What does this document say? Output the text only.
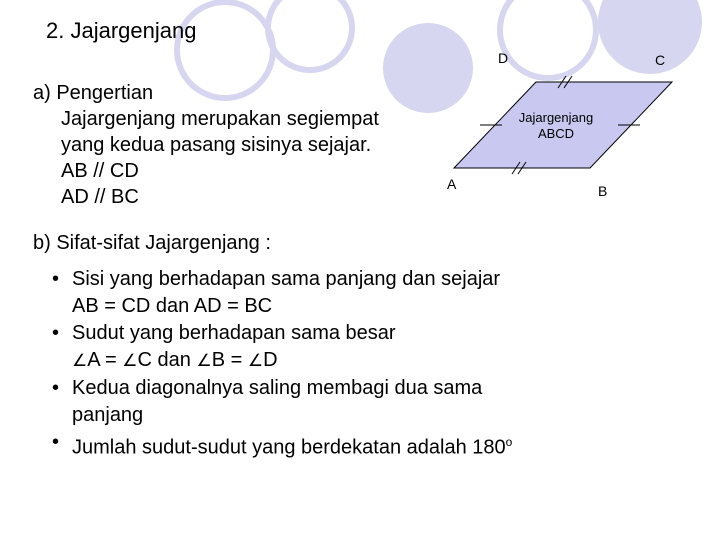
2. Jajargenjang
a) Pengertian
Jajargenjang merupakan segiempat
yang kedua pasang sisinya sejajar.
AB // CD
AD // BC
A	B
C
D
Jajargenjang
ABCD
b) Sifat-sifat Jajargenjang :
• Sisi yang berhadapan sama panjang dan sejajar
AB = CD dan AD = BC
• Sudut yang berhadapan sama besar
∠A = ∠C dan ∠B = ∠D
• Kedua diagonalnya saling membagi dua sama
panjang
• Jumlah sudut-sudut yang berdekatan adalah 180$^o$
